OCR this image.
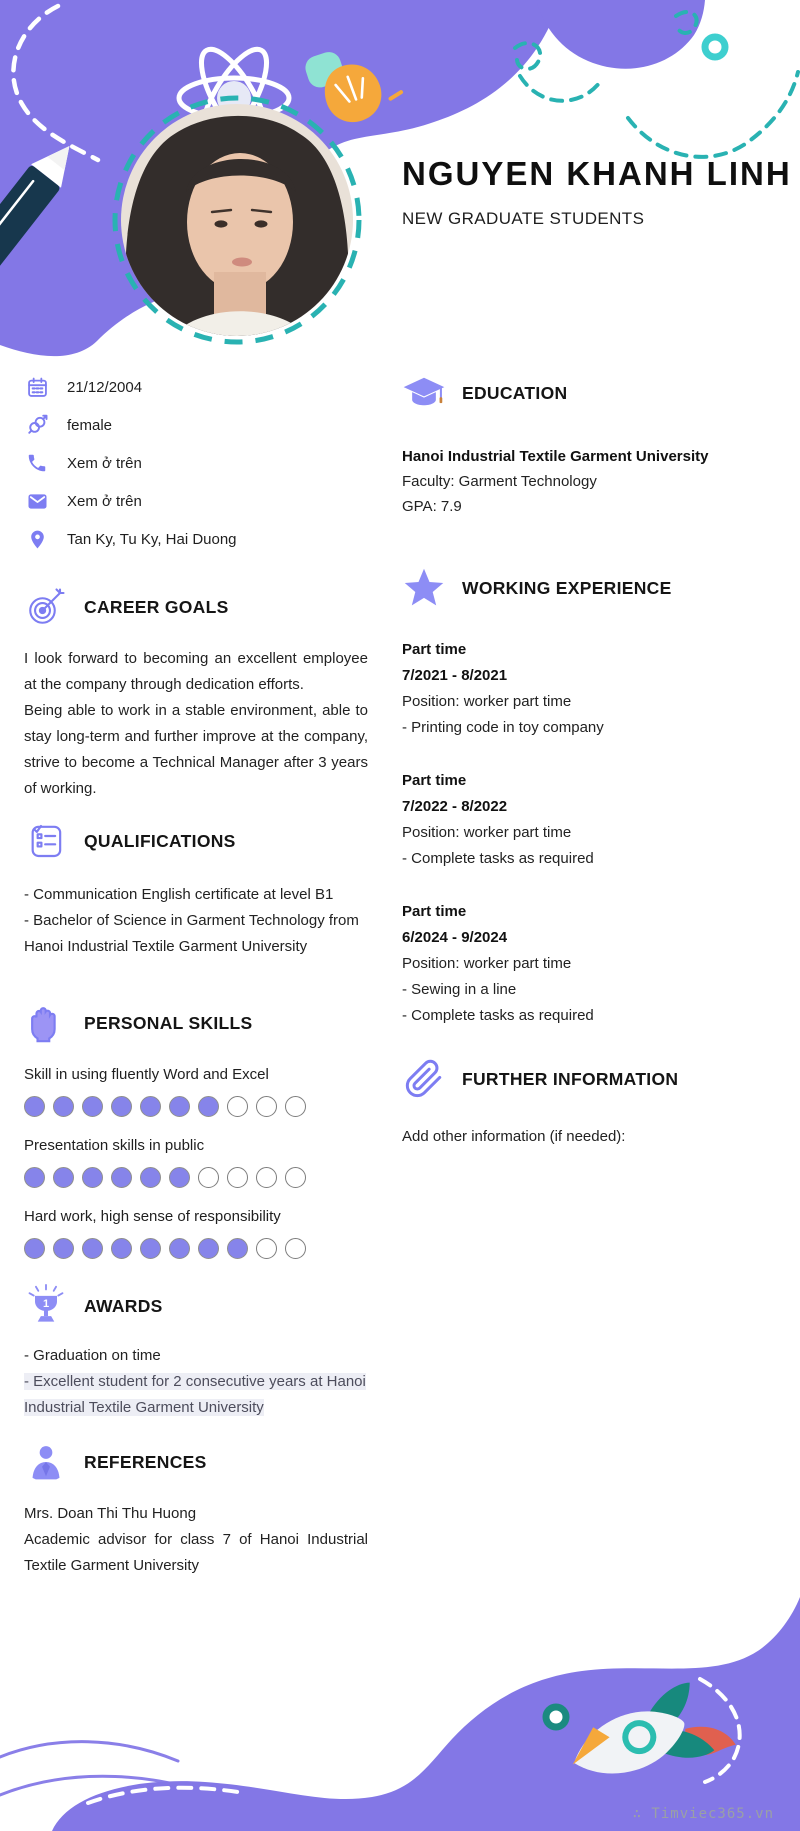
NGUYEN KHANH LINH
NEW GRADUATE STUDENTS
21/12/2004
female
Xem ở trên
Xem ở trên
Tan Ky, Tu Ky, Hai Duong
CAREER GOALS

I look forward to becoming an excellent employee at the company through dedication efforts.

Being able to work in a stable environment, able to stay long-term and further improve at the company, strive to become a Technical Manager after 3 years of working.

QUALIFICATIONS

- Communication English certificate at level B1

- Bachelor of Science in Garment Technology from Hanoi Industrial Textile Garment University

PERSONAL SKILLS
Skill in using fluently Word and Excel
Presentation skills in public
Hard work, high sense of responsibility
1 AWARDS

- Graduation on time

- Excellent student for 2 consecutive years at Hanoi Industrial Textile Garment University

REFERENCES

Mrs. Doan Thi Thu Huong

Academic advisor for class 7 of Hanoi Industrial Textile Garment University

EDUCATION
Hanoi Industrial Textile Garment University
Faculty: Garment Technology
GPA: 7.9
WORKING EXPERIENCE

Part time

7/2021 - 8/2021

Position: worker part time

- Printing code in toy company

Part time

7/2022 - 8/2022

Position: worker part time

- Complete tasks as required

Part time

6/2024 - 9/2024

Position: worker part time

- Sewing in a line

- Complete tasks as required

FURTHER INFORMATION
Add other information (if needed):
∴ Timviec365.vn
